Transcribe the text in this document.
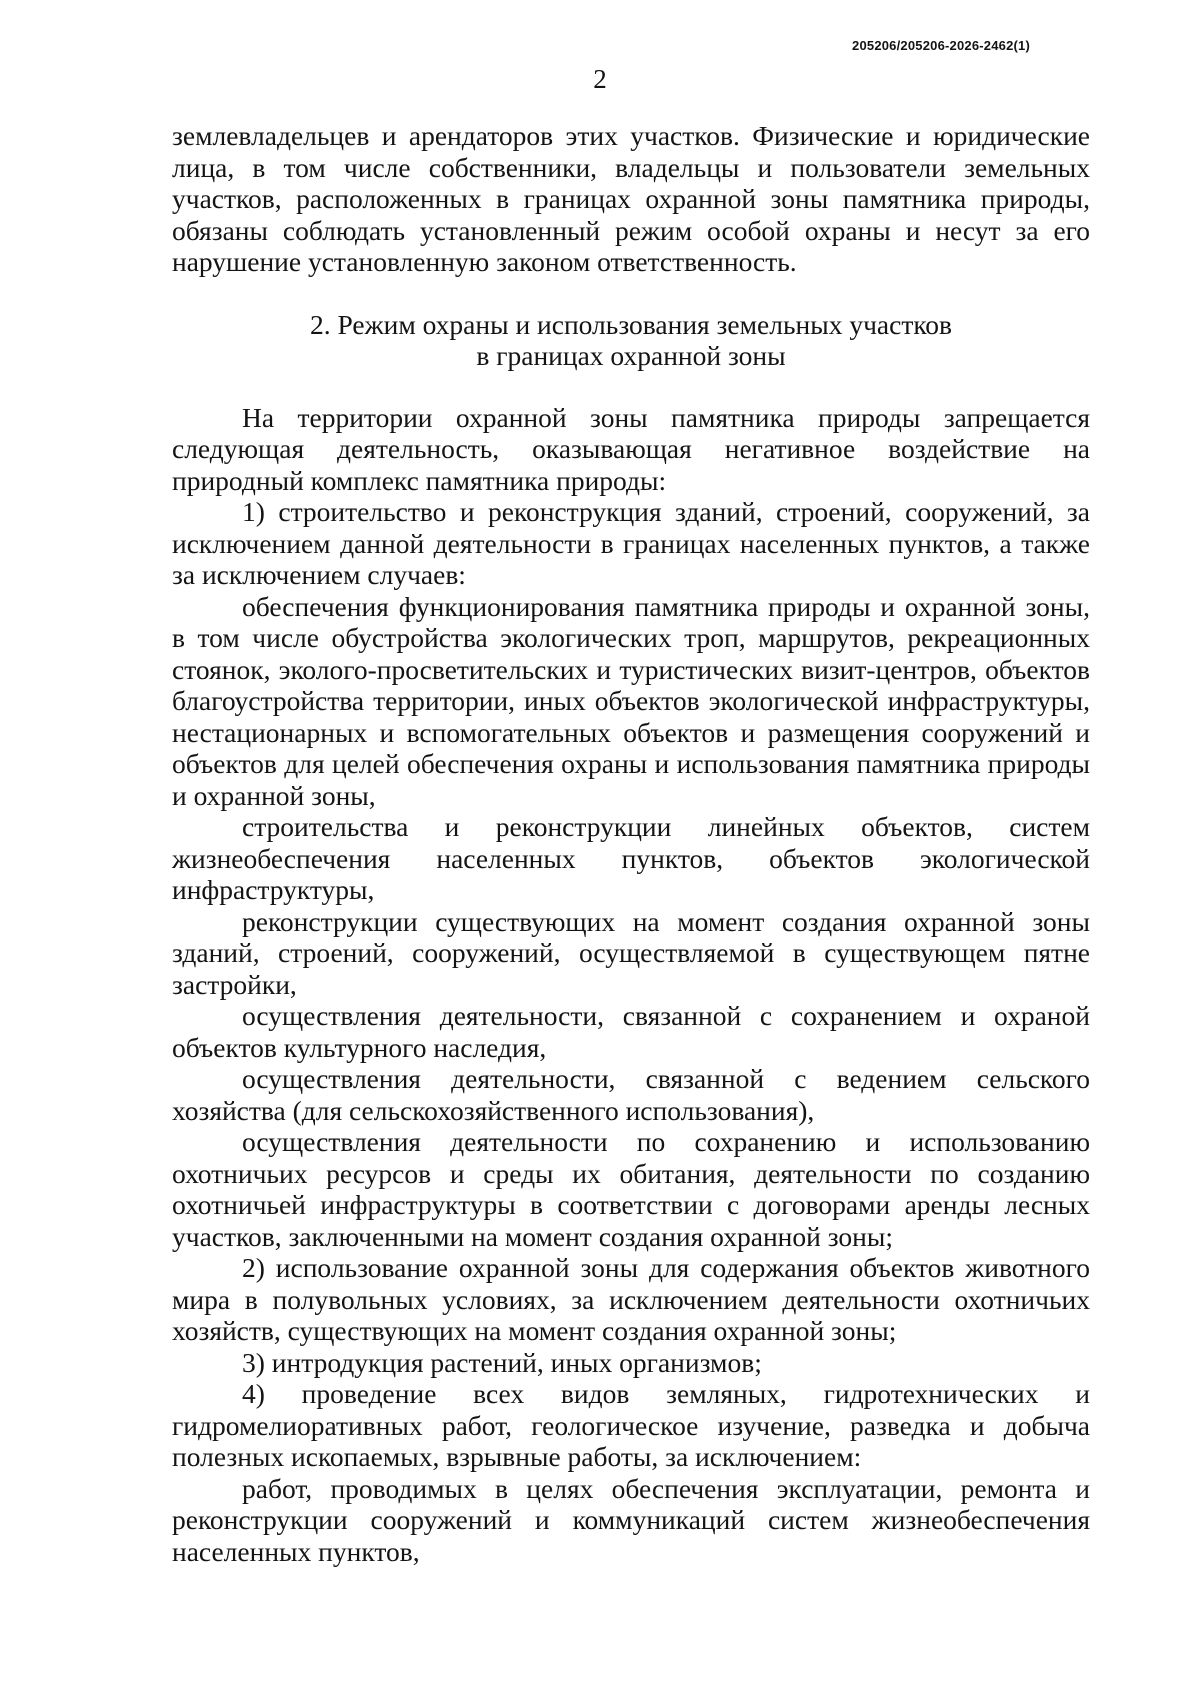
205206/205206-2026-2462(1)
2

землевладельцев и арендаторов этих участков. Физические и юридические лица, в том числе собственники, владельцы и пользователи земельных участков, расположенных в границах охранной зоны памятника природы, обязаны соблюдать установленный режим особой охраны и несут за его нарушение установленную законом ответственность.

2. Режим охраны и использования земельных участков
в границах охранной зоны

На территории охранной зоны памятника природы запрещается следующая деятельность, оказывающая негативное воздействие на природный комплекс памятника природы:

1) строительство и реконструкция зданий, строений, сооружений, за исключением данной деятельности в границах населенных пунктов, а также за исключением случаев:

обеспечения функционирования памятника природы и охранной зоны, в том числе обустройства экологических троп, маршрутов, рекреационных стоянок, эколого-просветительских и туристических визит-центров, объектов благоустройства территории, иных объектов экологической инфраструктуры, нестационарных и вспомогательных объектов и размещения сооружений и объектов для целей обеспечения охраны и использования памятника природы и охранной зоны,

строительства и реконструкции линейных объектов, систем жизнеобеспечения населенных пунктов, объектов экологической инфраструктуры,

реконструкции существующих на момент создания охранной зоны зданий, строений, сооружений, осуществляемой в существующем пятне застройки,

осуществления деятельности, связанной с сохранением и охраной объектов культурного наследия,

осуществления деятельности, связанной с ведением сельского хозяйства (для сельскохозяйственного использования),

осуществления деятельности по сохранению и использованию охотничьих ресурсов и среды их обитания, деятельности по созданию охотничьей инфраструктуры в соответствии с договорами аренды лесных участков, заключенными на момент создания охранной зоны;

2) использование охранной зоны для содержания объектов животного мира в полувольных условиях, за исключением деятельности охотничьих хозяйств, существующих на момент создания охранной зоны;

3) интродукция растений, иных организмов;

4) проведение всех видов земляных, гидротехнических и гидромелиоративных работ, геологическое изучение, разведка и добыча полезных ископаемых, взрывные работы, за исключением:

работ, проводимых в целях обеспечения эксплуатации, ремонта и реконструкции сооружений и коммуникаций систем жизнеобеспечения населенных пунктов,
